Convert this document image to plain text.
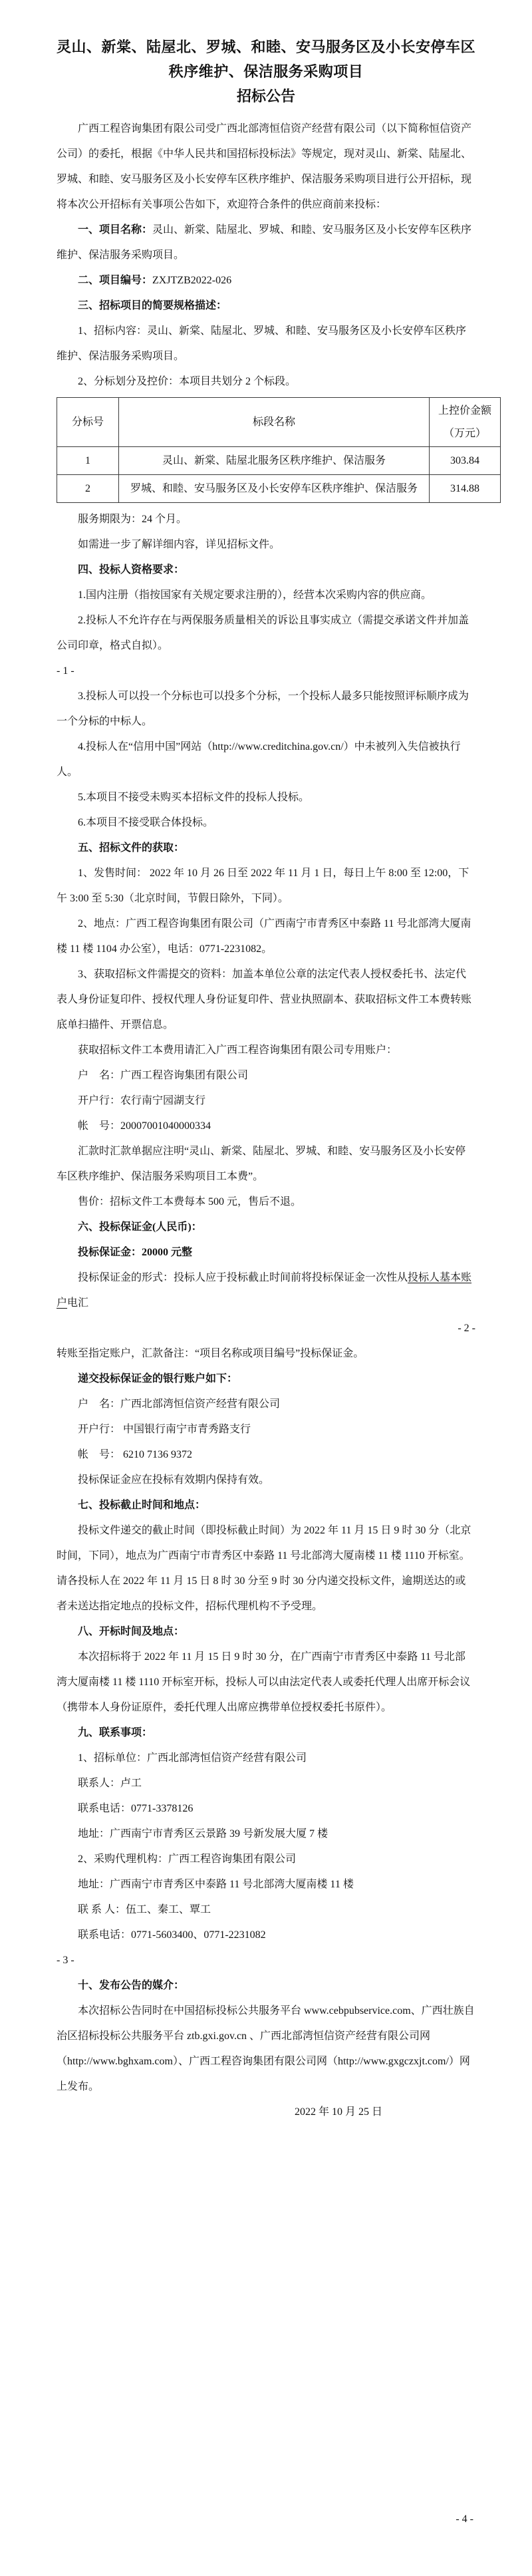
灵山、新棠、陆屋北、罗城、和睦、安马服务区及小长安停车区秩序维护、保洁服务采购项目
招标公告

广西工程咨询集团有限公司受广西北部湾恒信资产经营有限公司（以下简称恒信资产公司）的委托，根据《中华人民共和国招标投标法》等规定，现对灵山、新棠、陆屋北、罗城、和睦、安马服务区及小长安停车区秩序维护、保洁服务采购项目进行公开招标，现将本次公开招标有关事项公告如下，欢迎符合条件的供应商前来投标：

一、项目名称：灵山、新棠、陆屋北、罗城、和睦、安马服务区及小长安停车区秩序维护、保洁服务采购项目。

二、项目编号：ZXJTZB2022-026

三、招标项目的简要规格描述：

1、招标内容：灵山、新棠、陆屋北、罗城、和睦、安马服务区及小长安停车区秩序维护、保洁服务采购项目。

2、分标划分及控价：本项目共划分 2 个标段。

分标号	标段名称	上控价金额（万元）
1	灵山、新棠、陆屋北服务区秩序维护、保洁服务	303.84
2	罗城、和睦、安马服务区及小长安停车区秩序维护、保洁服务	314.88

服务期限为：24 个月。

如需进一步了解详细内容，详见招标文件。

四、投标人资格要求：

1.国内注册（指按国家有关规定要求注册的），经营本次采购内容的供应商。

2.投标人不允许存在与两保服务质量相关的诉讼且事实成立（需提交承诺文件并加盖公司印章，格式自拟）。

- 1 -

3.投标人可以投一个分标也可以投多个分标，一个投标人最多只能按照评标顺序成为一个分标的中标人。

4.投标人在“信用中国”网站（http://www.creditchina.gov.cn/）中未被列入失信被执行人。

5.本项目不接受未购买本招标文件的投标人投标。

6.本项目不接受联合体投标。

五、招标文件的获取：

1、发售时间： 2022 年 10 月 26 日至 2022 年 11 月 1 日，每日上午 8:00 至 12:00，下午 3:00 至 5:30（北京时间，节假日除外，下同）。

2、地点：广西工程咨询集团有限公司（广西南宁市青秀区中泰路 11 号北部湾大厦南楼 11 楼 1104 办公室），电话：0771-2231082。

3、获取招标文件需提交的资料：加盖本单位公章的法定代表人授权委托书、法定代表人身份证复印件、授权代理人身份证复印件、营业执照副本、获取招标文件工本费转账底单扫描件、开票信息。

获取招标文件工本费用请汇入广西工程咨询集团有限公司专用账户：

户　名：广西工程咨询集团有限公司

开户行：农行南宁园湖支行

帐　号：20007001040000334

汇款时汇款单据应注明“灵山、新棠、陆屋北、罗城、和睦、安马服务区及小长安停车区秩序维护、保洁服务采购项目工本费”。

售价：招标文件工本费每本 500 元，售后不退。

六、投标保证金(人民币)：

投标保证金：20000 元整

投标保证金的形式：投标人应于投标截止时间前将投标保证金一次性从投标人基本账户电汇

- 2 -

转账至指定账户，汇款备注：“项目名称或项目编号”投标保证金。

递交投标保证金的银行账户如下：

户　名：广西北部湾恒信资产经营有限公司

开户行： 中国银行南宁市青秀路支行

帐　号： 6210 7136 9372

投标保证金应在投标有效期内保持有效。

七、投标截止时间和地点：

投标文件递交的截止时间（即投标截止时间）为 2022 年 11 月 15 日 9 时 30 分（北京时间，下同），地点为广西南宁市青秀区中泰路 11 号北部湾大厦南楼 11 楼 1110 开标室。请各投标人在 2022 年 11 月 15 日 8 时 30 分至 9 时 30 分内递交投标文件，逾期送达的或者未送达指定地点的投标文件，招标代理机构不予受理。

八、开标时间及地点：

本次招标将于 2022 年 11 月 15 日 9 时 30 分，在广西南宁市青秀区中泰路 11 号北部湾大厦南楼 11 楼 1110 开标室开标，投标人可以由法定代表人或委托代理人出席开标会议（携带本人身份证原件，委托代理人出席应携带单位授权委托书原件）。

九、联系事项：

1、招标单位：广西北部湾恒信资产经营有限公司

联系人：卢工

联系电话：0771-3378126

地址：广西南宁市青秀区云景路 39 号新发展大厦 7 楼

2、采购代理机构：广西工程咨询集团有限公司

地址：广西南宁市青秀区中泰路 11 号北部湾大厦南楼 11 楼

联 系 人：伍工、秦工、覃工

联系电话：0771-5603400、0771-2231082

- 3 -

十、发布公告的媒介：

本次招标公告同时在中国招标投标公共服务平台 www.cebpubservice.com、广西壮族自治区招标投标公共服务平台 ztb.gxi.gov.cn 、广西北部湾恒信资产经营有限公司网（http://www.bghxam.com）、广西工程咨询集团有限公司网（http://www.gxgczxjt.com/）网上发布。

2022 年 10 月 25 日

- 4 -
